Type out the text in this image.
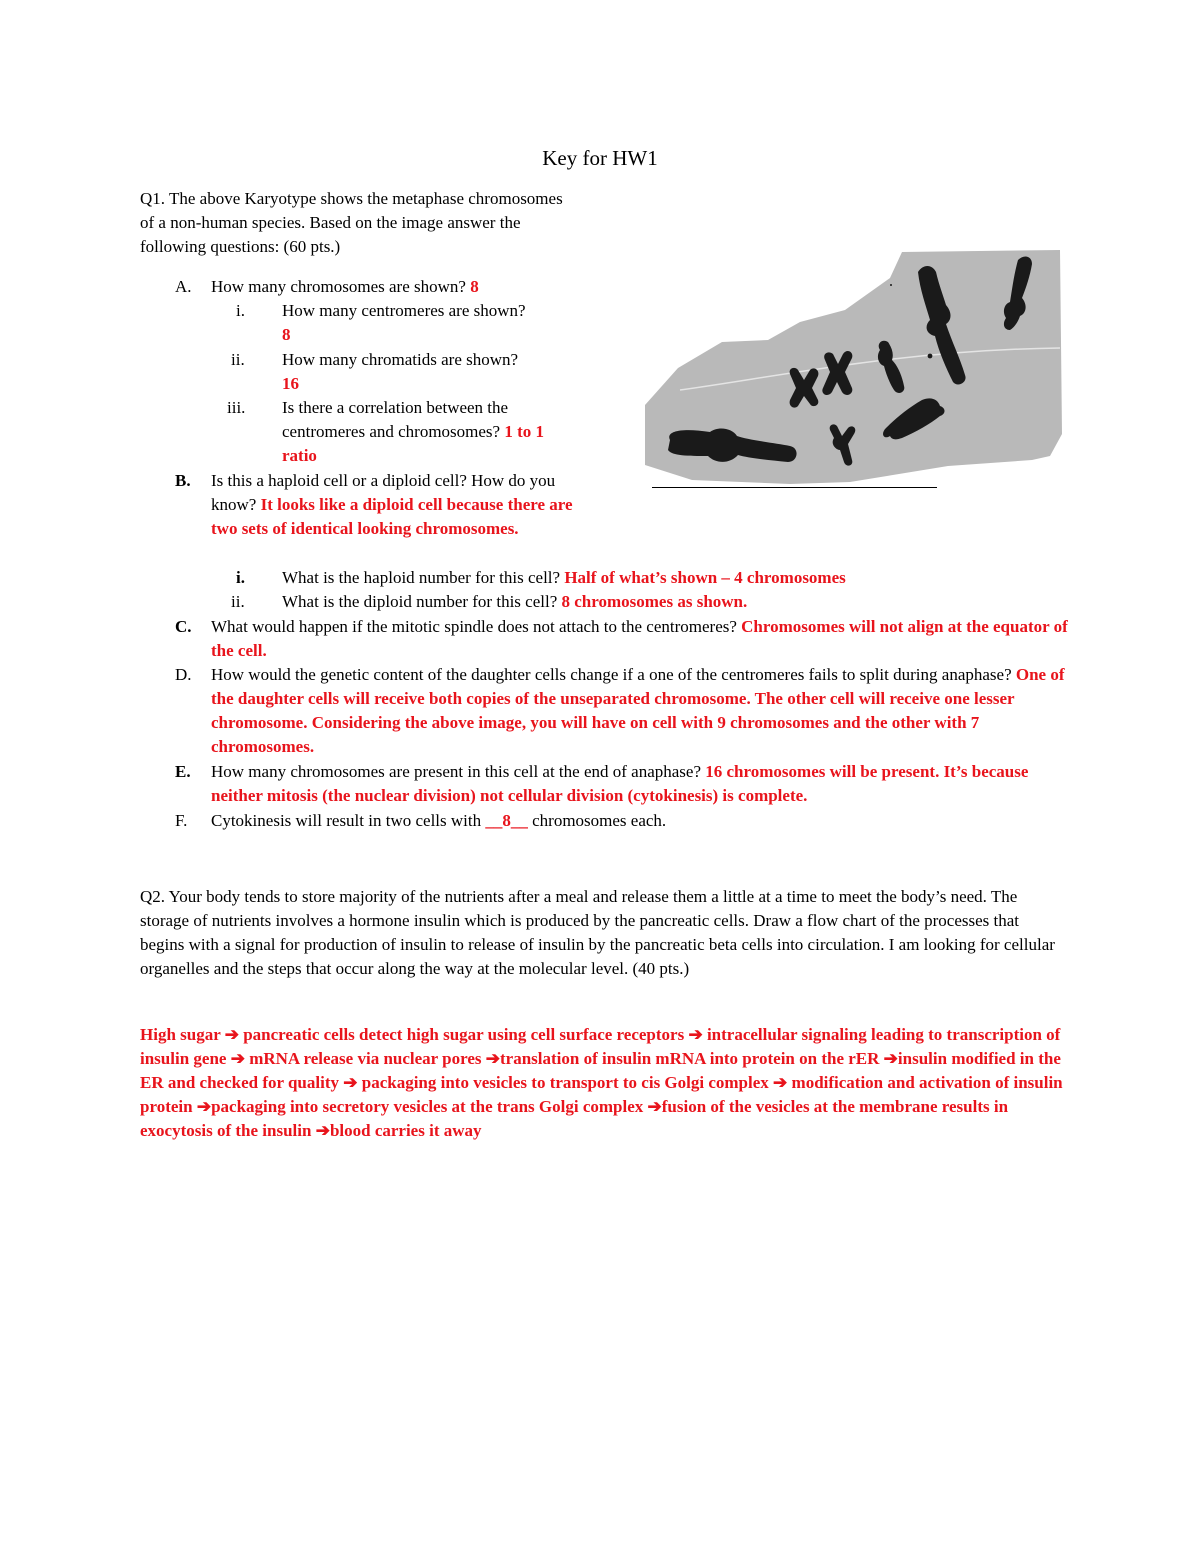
Key for HW1
Q1. The above Karyotype shows the metaphase chromosomes of a non-human species. Based on the image answer the following questions: (60 pts.)
A. How many chromosomes are shown? 8
i. How many centromeres are shown?
8
ii. How many chromatids are shown?
16
iii. Is there a correlation between the centromeres and chromosomes? 1 to 1 ratio
B. Is this a haploid cell or a diploid cell? How do you know? It looks like a diploid cell because there are two sets of identical looking chromosomes.
i. What is the haploid number for this cell? Half of what’s shown – 4 chromosomes
ii. What is the diploid number for this cell? 8 chromosomes as shown.
C. What would happen if the mitotic spindle does not attach to the centromeres? Chromosomes will not align at the equator of the cell.
D. How would the genetic content of the daughter cells change if a one of the centromeres fails to split during anaphase? One of the daughter cells will receive both copies of the unseparated chromosome. The other cell will receive one lesser chromosome. Considering the above image, you will have on cell with 9 chromosomes and the other with 7 chromosomes.
E. How many chromosomes are present in this cell at the end of anaphase? 16 chromosomes will be present. It’s because neither mitosis (the nuclear division) not cellular division (cytokinesis) is complete.
F. Cytokinesis will result in two cells with __8__ chromosomes each.
Q2. Your body tends to store majority of the nutrients after a meal and release them a little at a time to meet the body’s need. The storage of nutrients involves a hormone insulin which is produced by the pancreatic cells. Draw a flow chart of the processes that begins with a signal for production of insulin to release of insulin by the pancreatic beta cells into circulation. I am looking for cellular organelles and the steps that occur along the way at the molecular level. (40 pts.)
High sugar ➔ pancreatic cells detect high sugar using cell surface receptors ➔ intracellular signaling leading to transcription of insulin gene ➔ mRNA release via nuclear pores ➔translation of insulin mRNA into protein on the rER ➔insulin modified in the ER and checked for quality ➔ packaging into vesicles to transport to cis Golgi complex ➔ modification and activation of insulin protein ➔packaging into secretory vesicles at the trans Golgi complex ➔fusion of the vesicles at the membrane results in exocytosis of the insulin ➔blood carries it away
